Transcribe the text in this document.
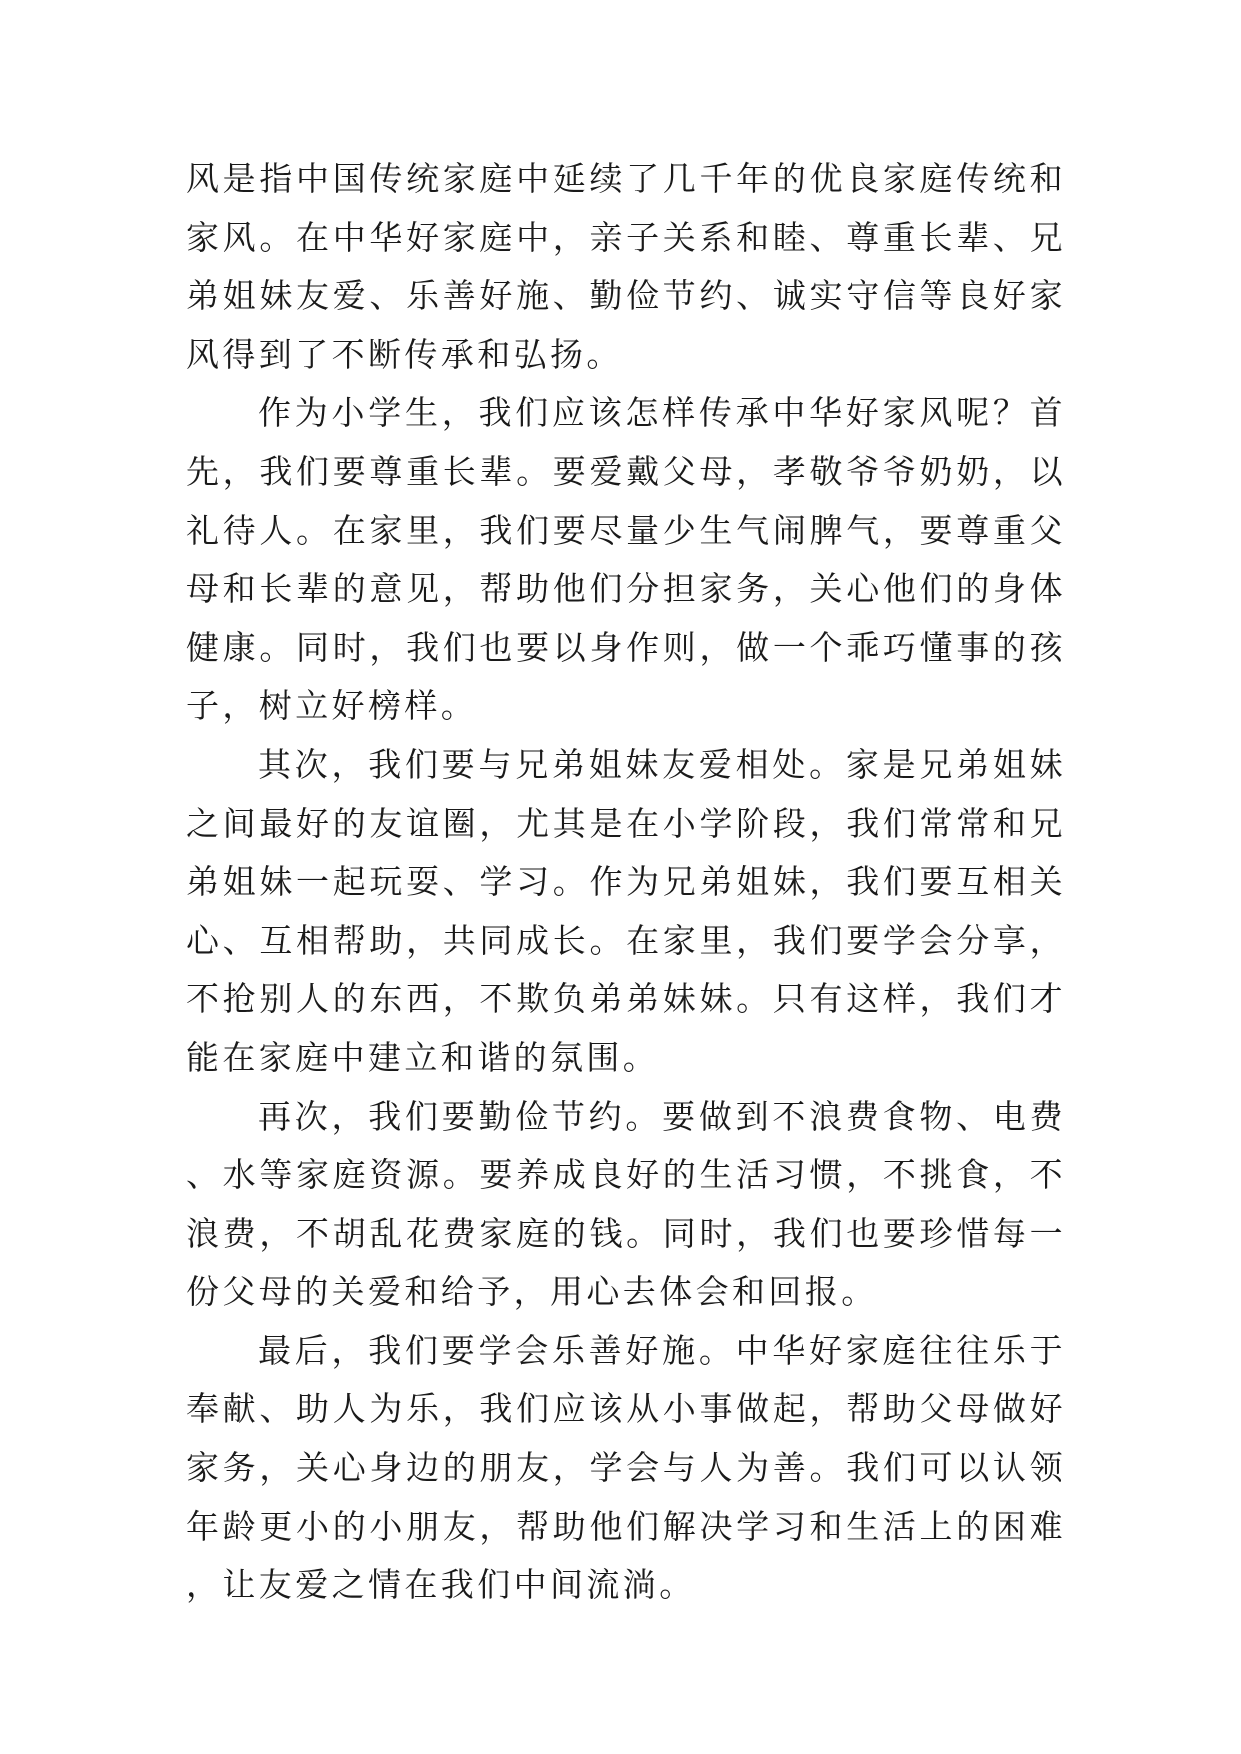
风是指中国传统家庭中延续了几千年的优良家庭传统和家风。在中华好家庭中，亲子关系和睦、尊重长辈、兄弟姐妹友爱、乐善好施、勤俭节约、诚实守信等良好家风得到了不断传承和弘扬。

作为小学生，我们应该怎样传承中华好家风呢？首先，我们要尊重长辈。要爱戴父母，孝敬爷爷奶奶，以礼待人。在家里，我们要尽量少生气闹脾气，要尊重父母和长辈的意见，帮助他们分担家务，关心他们的身体健康。同时，我们也要以身作则，做一个乖巧懂事的孩子，树立好榜样。

其次，我们要与兄弟姐妹友爱相处。家是兄弟姐妹之间最好的友谊圈，尤其是在小学阶段，我们常常和兄弟姐妹一起玩耍、学习。作为兄弟姐妹，我们要互相关心、互相帮助，共同成长。在家里，我们要学会分享，不抢别人的东西，不欺负弟弟妹妹。只有这样，我们才能在家庭中建立和谐的氛围。

再次，我们要勤俭节约。要做到不浪费食物、电费、水等家庭资源。要养成良好的生活习惯，不挑食，不浪费，不胡乱花费家庭的钱。同时，我们也要珍惜每一份父母的关爱和给予，用心去体会和回报。

最后，我们要学会乐善好施。中华好家庭往往乐于奉献、助人为乐，我们应该从小事做起，帮助父母做好家务，关心身边的朋友，学会与人为善。我们可以认领年龄更小的小朋友，帮助他们解决学习和生活上的困难，让友爱之情在我们中间流淌。
